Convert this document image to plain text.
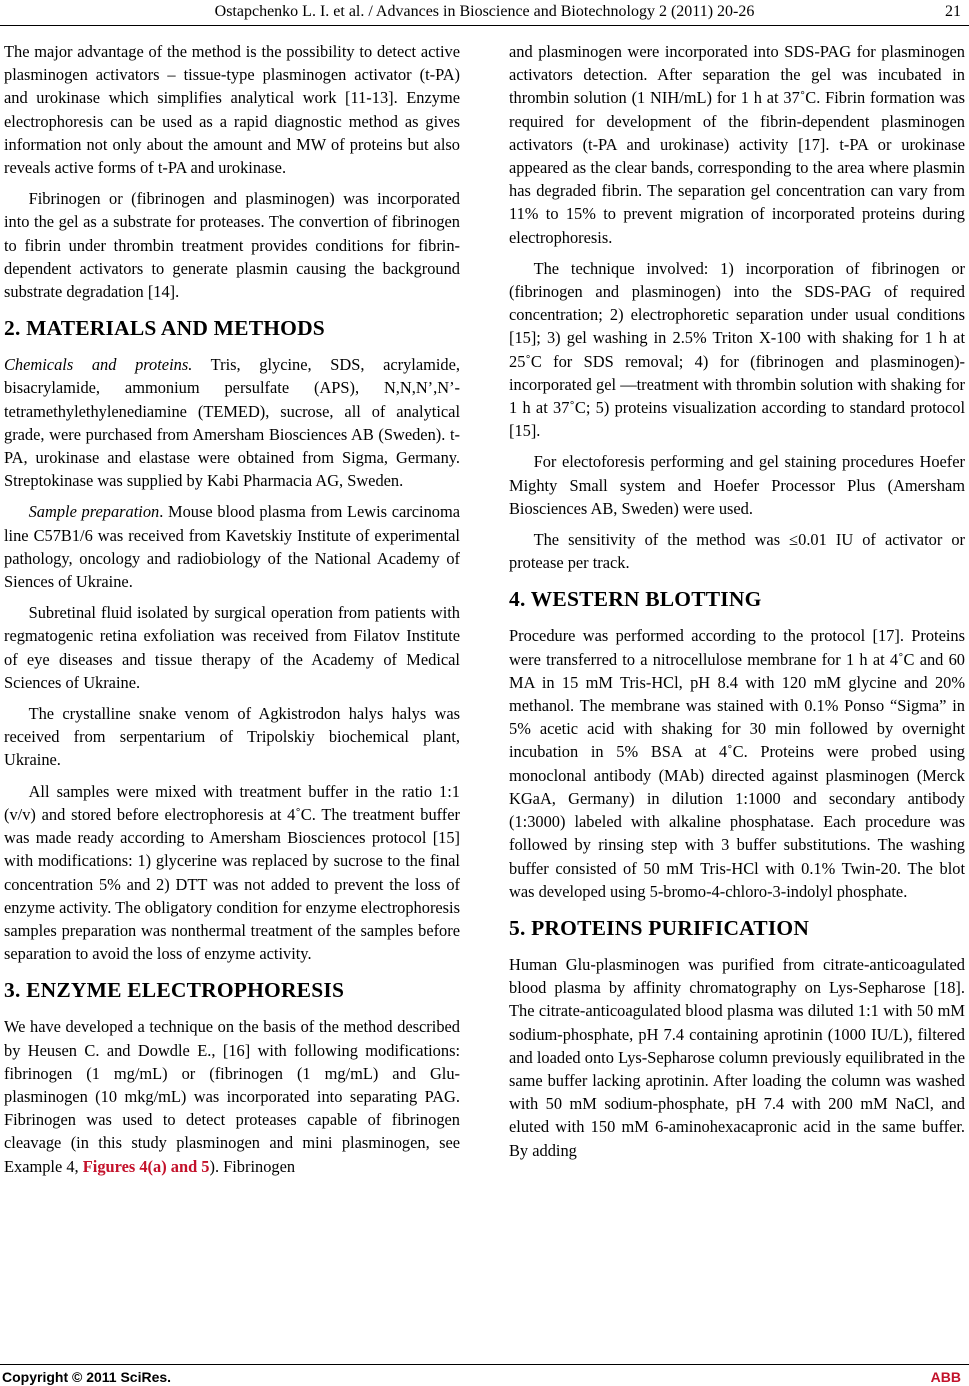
Ostapchenko L. I. et al. / Advances in Bioscience and Biotechnology 2 (2011) 20-26	21

The major advantage of the method is the possibility to detect active plasminogen activators – tissue-type plasminogen activator (t-PA) and urokinase which simplifies analytical work [11-13]. Enzyme electrophoresis can be used as a rapid diagnostic method as gives information not only about the amount and MW of proteins but also reveals active forms of t-PA and urokinase.

Fibrinogen or (fibrinogen and plasminogen) was incorporated into the gel as a substrate for proteases. The convertion of fibrinogen to fibrin under thrombin treatment provides conditions for fibrin-dependent activators to generate plasmin causing the background substrate degradation [14].

2. MATERIALS AND METHODS

Chemicals and proteins. Tris, glycine, SDS, acrylamide, bisacrylamide, ammonium persulfate (APS), N,N,N’,N’-tetramethylethylenediamine (TEMED), sucrose, all of analytical grade, were purchased from Amersham Biosciences AB (Sweden). t-PA, urokinase and elastase were obtained from Sigma, Germany. Streptokinase was supplied by Kabi Pharmacia AG, Sweden.

Sample preparation. Mouse blood plasma from Lewis carcinoma line C57B1/6 was received from Kavetskiy Institute of experimental pathology, oncology and radiobiology of the National Academy of Siences of Ukraine.

Subretinal fluid isolated by surgical operation from patients with regmatogenic retina exfoliation was received from Filatov Institute of eye diseases and tissue therapy of the Academy of Medical Sciences of Ukraine.

The crystalline snake venom of Agkistrodon halys halys was received from serpentarium of Tripolskiy biochemical plant, Ukraine.

All samples were mixed with treatment buffer in the ratio 1:1 (v/v) and stored before electrophoresis at 4˚C. The treatment buffer was made ready according to Amersham Biosciences protocol [15] with modifications: 1) glycerine was replaced by sucrose to the final concentration 5% and 2) DTT was not added to prevent the loss of enzyme activity. The obligatory condition for enzyme electrophoresis samples preparation was nonthermal treatment of the samples before separation to avoid the loss of enzyme activity.

3. ENZYME ELECTROPHORESIS

We have developed a technique on the basis of the method described by Heusen C. and Dowdle E., [16] with following modifications: fibrinogen (1 mg/mL) or (fibrinogen (1 mg/mL) and Glu-plasminogen (10 mkg/mL) was incorporated into separating PAG. Fibrinogen was used to detect proteases capable of fibrinogen cleavage (in this study plasminogen and mini plasminogen, see Example 4, Figures 4(a) and 5). Fibrinogen

and plasminogen were incorporated into SDS-PAG for plasminogen activators detection. After separation the gel was incubated in thrombin solution (1 NIH/mL) for 1 h at 37˚C. Fibrin formation was required for development of the fibrin-dependent plasminogen activators (t-PA and urokinase) activity [17]. t-PA or urokinase appeared as the clear bands, corresponding to the area where plasmin has degraded fibrin. The separation gel concentration can vary from 11% to 15% to prevent migration of incorporated proteins during electrophoresis.

The technique involved: 1) incorporation of fibrinogen or (fibrinogen and plasminogen) into the SDS-PAG of required concentration; 2) electrophoretic separation under usual conditions [15]; 3) gel washing in 2.5% Triton X-100 with shaking for 1 h at 25˚C for SDS removal; 4) for (fibrinogen and plasminogen)-incorporated gel —treatment with thrombin solution with shaking for 1 h at 37˚C; 5) proteins visualization according to standard protocol [15].

For electoforesis performing and gel staining procedures Hoefer Mighty Small system and Hoefer Processor Plus (Amersham Biosciences AB, Sweden) were used.

The sensitivity of the method was ≤0.01 IU of activator or protease per track.

4. WESTERN BLOTTING

Procedure was performed according to the protocol [17]. Proteins were transferred to a nitrocellulose membrane for 1 h at 4˚C and 60 MA in 15 mM Tris-HCl, pH 8.4 with 120 mM glycine and 20% methanol. The membrane was stained with 0.1% Ponso “Sigma” in 5% acetic acid with shaking for 30 min followed by overnight incubation in 5% BSA at 4˚C. Proteins were probed using monoclonal antibody (MAb) directed against plasminogen (Merck KGaA, Germany) in dilution 1:1000 and secondary antibody (1:3000) labeled with alkaline phosphatase. Each procedure was followed by rinsing step with 3 buffer substitutions. The washing buffer consisted of 50 mM Tris-HCl with 0.1% Twin-20. The blot was developed using 5-bromo-4-chloro-3-indolyl phosphate.

5. PROTEINS PURIFICATION

Human Glu-plasminogen was purified from citrate-anticoagulated blood plasma by affinity chromatography on Lys-Sepharose [18]. The citrate-anticoagulated blood plasma was diluted 1:1 with 50 mM sodium-phosphate, pH 7.4 containing aprotinin (1000 IU/L), filtered and loaded onto Lys-Sepharose column previously equilibrated in the same buffer lacking aprotinin. After loading the column was washed with 50 mM sodium-phosphate, pH 7.4 with 200 mM NaCl, and eluted with 150 mM 6-aminohexacapronic acid in the same buffer. By adding

Copyright © 2011 SciRes.	ABB
